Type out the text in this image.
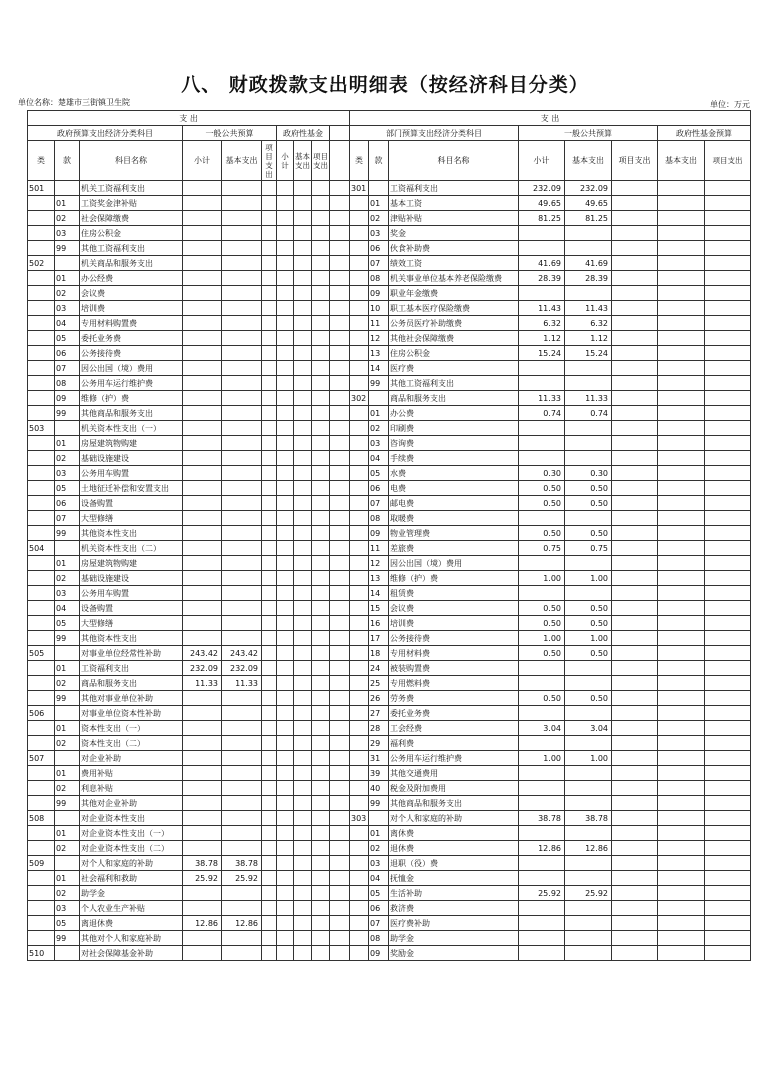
八、 财政拨款支出明细表（按经济科目分类）
单位名称：楚雄市三街镇卫生院	单位：万元
支 出									
政府预算支出经济分类科目			一般公共预算			政府性基金			
类	款	科目名称	小计	基本支出	项目支出	小计	基本支出	项目支出	
501		机关工资福利支出							
	01	工资奖金津补贴							
	02	社会保障缴费							
	03	住房公积金							
	99	其他工资福利支出							
502		机关商品和服务支出							
	01	办公经费							
	02	会议费							
	03	培训费							
	04	专用材料购置费							
	05	委托业务费							
	06	公务接待费							
	07	因公出国（境）费用							
	08	公务用车运行维护费							
	09	维修（护）费							
	99	其他商品和服务支出							
503		机关资本性支出（一）							
	01	房屋建筑物购建							
	02	基础设施建设							
	03	公务用车购置							
	05	土地征迁补偿和安置支出							
	06	设备购置							
	07	大型修缮							
	99	其他资本性支出							
504		机关资本性支出（二）							
	01	房屋建筑物购建							
	02	基础设施建设							
	03	公务用车购置							
	04	设备购置							
	05	大型修缮							
	99	其他资本性支出							
505		对事业单位经常性补助	243.42	243.42					
	01	工资福利支出	232.09	232.09					
	02	商品和服务支出	11.33	11.33					
	99	其他对事业单位补助							
506		对事业单位资本性补助							
	01	资本性支出（一）							
	02	资本性支出（二）							
507		对企业补助							
	01	费用补贴							
	02	利息补贴							
	99	其他对企业补助							
508		对企业资本性支出							
	01	对企业资本性支出（一）							
	02	对企业资本性支出（二）							
509		对个人和家庭的补助	38.78	38.78					
	01	社会福利和救助	25.92	25.92					
	02	助学金							
	03	个人农业生产补贴							
	05	离退休费	12.86	12.86					
	99	其他对个人和家庭补助							
510		对社会保障基金补助							
支 出							
部门预算支出经济分类科目			一般公共预算			政府性基金预算	
类	款	科目名称	小计	基本支出	项目支出	基本支出	项目支出
301		工资福利支出	232.09	232.09			
	01	基本工资	49.65	49.65			
	02	津贴补贴	81.25	81.25			
	03	奖金					
	06	伙食补助费					
	07	绩效工资	41.69	41.69			
	08	机关事业单位基本养老保险缴费	28.39	28.39			
	09	职业年金缴费					
	10	职工基本医疗保险缴费	11.43	11.43			
	11	公务员医疗补助缴费	6.32	6.32			
	12	其他社会保障缴费	1.12	1.12			
	13	住房公积金	15.24	15.24			
	14	医疗费					
	99	其他工资福利支出					
302		商品和服务支出	11.33	11.33			
	01	办公费	0.74	0.74			
	02	印刷费					
	03	咨询费					
	04	手续费					
	05	水费	0.30	0.30			
	06	电费	0.50	0.50			
	07	邮电费	0.50	0.50			
	08	取暖费					
	09	物业管理费	0.50	0.50			
	11	差旅费	0.75	0.75			
	12	因公出国（境）费用					
	13	维修（护）费	1.00	1.00			
	14	租赁费					
	15	会议费	0.50	0.50			
	16	培训费	0.50	0.50			
	17	公务接待费	1.00	1.00			
	18	专用材料费	0.50	0.50			
	24	被装购置费					
	25	专用燃料费					
	26	劳务费	0.50	0.50			
	27	委托业务费					
	28	工会经费	3.04	3.04			
	29	福利费					
	31	公务用车运行维护费	1.00	1.00			
	39	其他交通费用					
	40	税金及附加费用					
	99	其他商品和服务支出					
303		对个人和家庭的补助	38.78	38.78			
	01	离休费					
	02	退休费	12.86	12.86			
	03	退职（役）费					
	04	抚恤金					
	05	生活补助	25.92	25.92			
	06	救济费					
	07	医疗费补助					
	08	助学金					
	09	奖励金					
